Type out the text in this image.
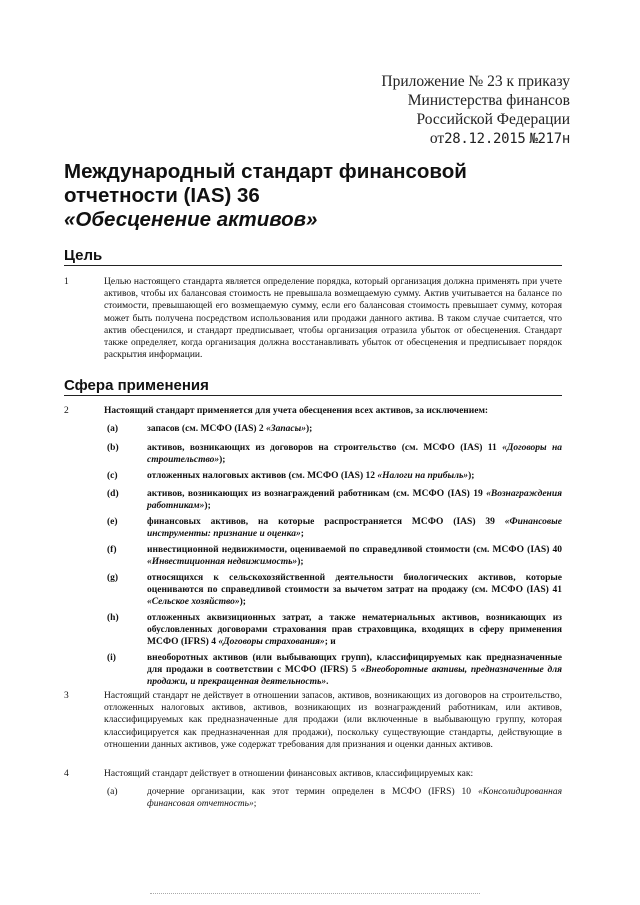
Приложение № 23 к приказу
Министерства финансов
Российской Федерации
от28.12.2015 №217н
Международный стандарт финансовой
отчетности (IAS) 36
«Обесценение активов»
Цель
1	Целью настоящего стандарта является определение порядка, который организация должна применять при учете активов, чтобы их балансовая стоимость не превышала возмещаемую сумму. Актив учитывается на балансе по стоимости, превышающей его возмещаемую сумму, если его балансовая стоимость превышает сумму, которая может быть получена посредством использования или продажи данного актива. В таком случае считается, что актив обесценился, и стандарт предписывает, чтобы организация отразила убыток от обесценения. Стандарт также определяет, когда организация должна восстанавливать убыток от обесценения и предписывает порядок раскрытия информации.
Сфера применения
2	Настоящий стандарт применяется для учета обесценения всех активов, за исключением:
(a)	запасов (см. МСФО (IAS) 2 «Запасы»);
(b)	активов, возникающих из договоров на строительство (см. МСФО (IAS) 11 «Договоры на строительство»);
(c)	отложенных налоговых активов (см. МСФО (IAS) 12 «Налоги на прибыль»);
(d)	активов, возникающих из вознаграждений работникам (см. МСФО (IAS) 19 «Вознаграждения работникам»);
(e)	финансовых активов, на которые распространяется МСФО (IAS) 39 «Финансовые инструменты: признание и оценка»;
(f)	инвестиционной недвижимости, оцениваемой по справедливой стоимости (см. МСФО (IAS) 40 «Инвестиционная недвижимость»);
(g)	относящихся к сельскохозяйственной деятельности биологических активов, которые оцениваются по справедливой стоимости за вычетом затрат на продажу (см. МСФО (IAS) 41 «Сельское хозяйство»);
(h)	отложенных аквизиционных затрат, а также нематериальных активов, возникающих из обусловленных договорами страхования прав страховщика, входящих в сферу применения МСФО (IFRS) 4 «Договоры страхования»; и
(i)	внеоборотных активов (или выбывающих групп), классифицируемых как предназначенные для продажи в соответствии с МСФО (IFRS) 5 «Внеоборотные активы, предназначенные для продажи, и прекращенная деятельность».
3	Настоящий стандарт не действует в отношении запасов, активов, возникающих из договоров на строительство, отложенных налоговых активов, активов, возникающих из вознаграждений работникам, или активов, классифицируемых как предназначенные для продажи (или включенные в выбывающую группу, которая классифицируется как предназначенная для продажи), поскольку существующие стандарты, действующие в отношении данных активов, уже содержат требования для признания и оценки данных активов.
4	Настоящий стандарт действует в отношении финансовых активов, классифицируемых как:
(a)	дочерние организации, как этот термин определен в МСФО (IFRS) 10 «Консолидированная финансовая отчетность»;
